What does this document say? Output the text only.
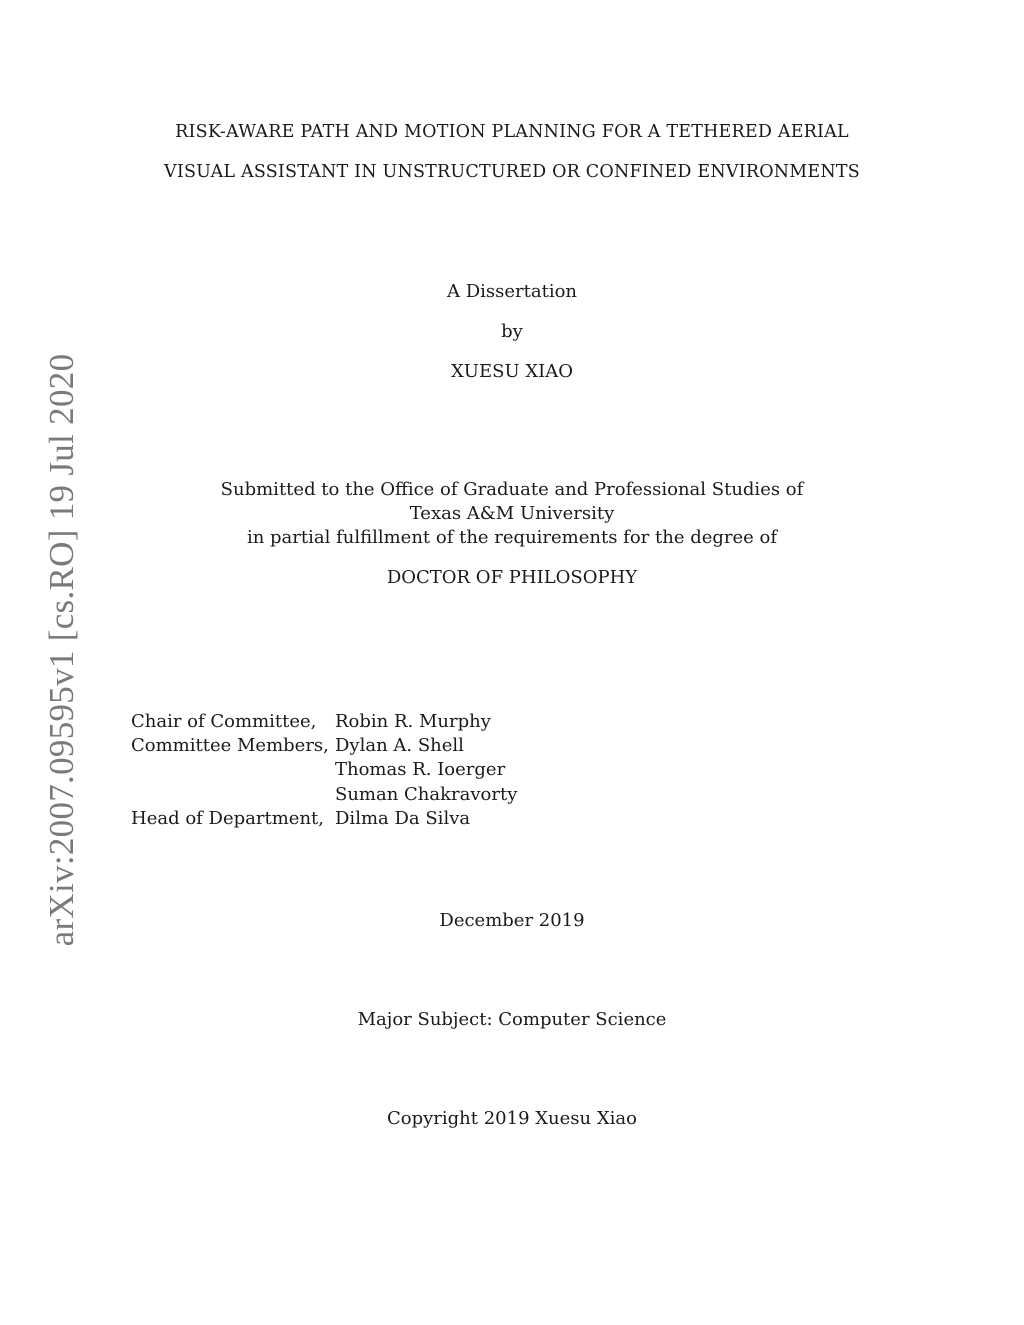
arXiv:2007.09595v1 [cs.RO] 19 Jul 2020
RISK-AWARE PATH AND MOTION PLANNING FOR A TETHERED AERIAL
VISUAL ASSISTANT IN UNSTRUCTURED OR CONFINED ENVIRONMENTS
A Dissertation
by
XUESU XIAO
Submitted to the Office of Graduate and Professional Studies of
Texas A&M University
in partial fulfillment of the requirements for the degree of
DOCTOR OF PHILOSOPHY
Chair of Committee,	Robin R. Murphy
Committee Members, Dylan A. Shell
Thomas R. Ioerger
Suman Chakravorty
Head of Department, Dilma Da Silva
December 2019
Major Subject: Computer Science
Copyright 2019 Xuesu Xiao
